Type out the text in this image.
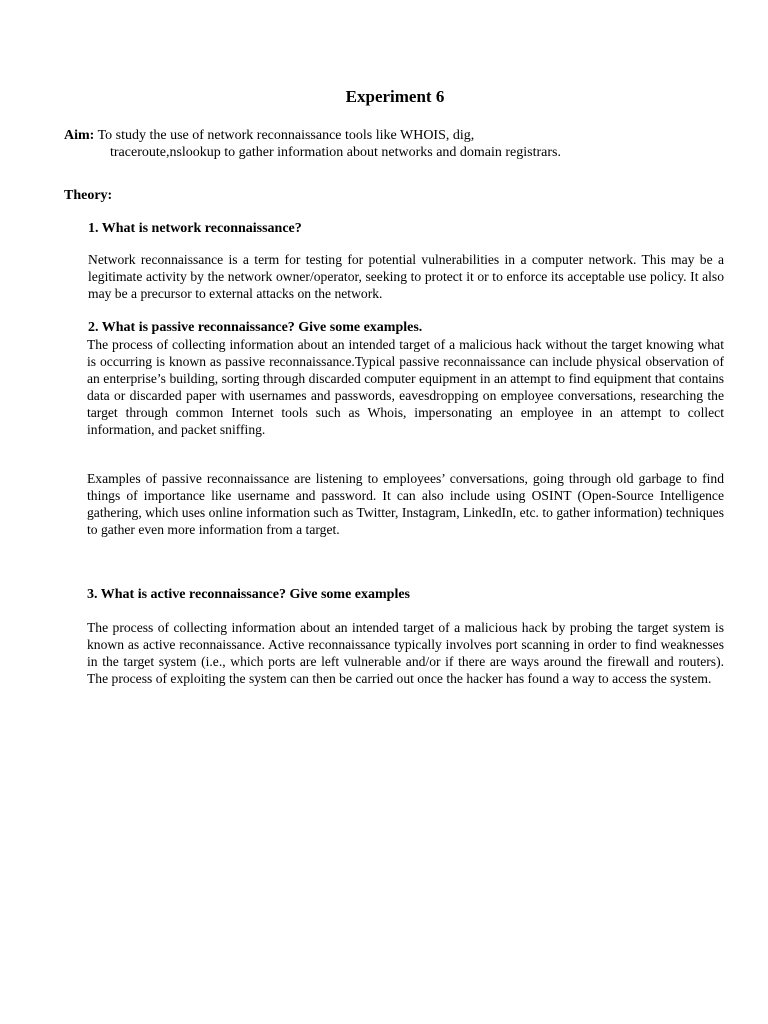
Experiment 6
Aim: To study the use of network reconnaissance tools like WHOIS, dig,
traceroute,nslookup to gather information about networks and domain registrars.
Theory:
1. What is network reconnaissance?
Network reconnaissance is a term for testing for potential vulnerabilities in a computer network. This may be a legitimate activity by the network owner/operator, seeking to protect it or to enforce its acceptable use policy. It also may be a precursor to external attacks on the network.
2. What is passive reconnaissance? Give some examples.
The process of collecting information about an intended target of a malicious hack without the target knowing what is occurring is known as passive reconnaissance.Typical passive reconnaissance can include physical observation of an enterprise’s building, sorting through discarded computer equipment in an attempt to find equipment that contains data or discarded paper with usernames and passwords, eavesdropping on employee conversations, researching the target through common Internet tools such as Whois, impersonating an employee in an attempt to collect information, and packet sniffing.
Examples of passive reconnaissance are listening to employees’ conversations, going through old garbage to find things of importance like username and password. It can also include using OSINT (Open-Source Intelligence gathering, which uses online information such as Twitter, Instagram, LinkedIn, etc. to gather information) techniques to gather even more information from a target.
3. What is active reconnaissance? Give some examples
The process of collecting information about an intended target of a malicious hack by probing the target system is known as active reconnaissance. Active reconnaissance typically involves port scanning in order to find weaknesses in the target system (i.e., which ports are left vulnerable and/or if there are ways around the firewall and routers). The process of exploiting the system can then be carried out once the hacker has found a way to access the system.
